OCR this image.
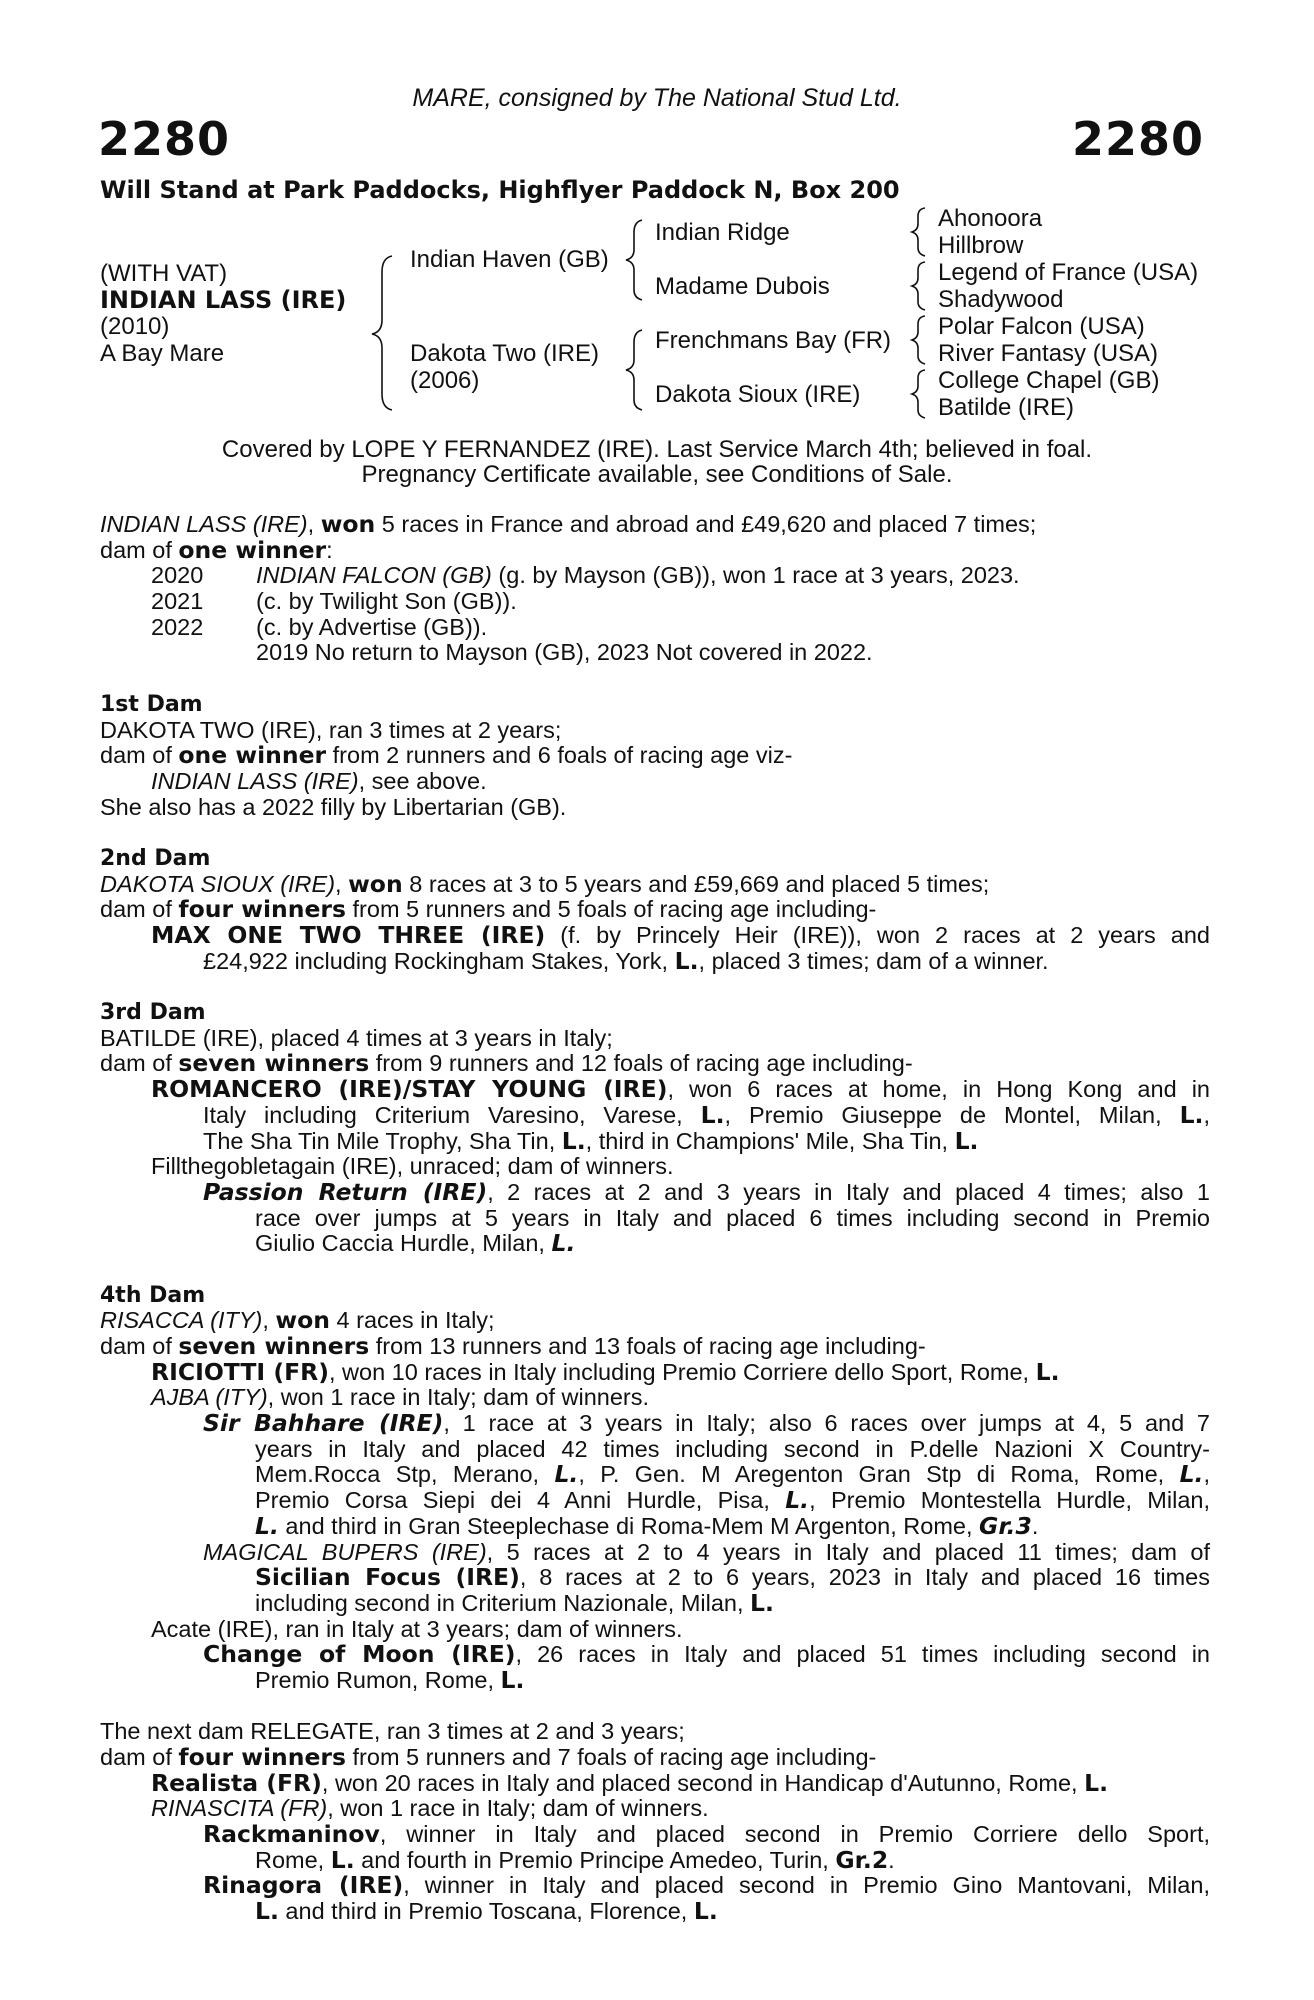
MARE, consigned by The National Stud Ltd.
2280	2280
Will Stand at Park Paddocks, Highflyer Paddock N, Box 200
(WITH VAT)
INDIAN LASS (IRE)
(2010)
A Bay Mare
Indian Haven (GB)
Dakota Two (IRE)
(2006)
Indian Ridge
Madame Dubois
Frenchmans Bay (FR)
Dakota Sioux (IRE)
Ahonoora
Hillbrow
Legend of France (USA)
Shadywood
Polar Falcon (USA)
River Fantasy (USA)
College Chapel (GB)
Batilde (IRE)
Covered by LOPE Y FERNANDEZ (IRE). Last Service March 4th; believed in foal.
Pregnancy Certificate available, see Conditions of Sale.
INDIAN LASS (IRE), won 5 races in France and abroad and £49,620 and placed 7 times;
dam of one winner:
2020 INDIAN FALCON (GB) (g. by Mayson (GB)), won 1 race at 3 years, 2023.
2021 (c. by Twilight Son (GB)).
2022 (c. by Advertise (GB)).
2019 No return to Mayson (GB), 2023 Not covered in 2022.
1st Dam
DAKOTA TWO (IRE), ran 3 times at 2 years;
dam of one winner from 2 runners and 6 foals of racing age viz-
INDIAN LASS (IRE), see above.
She also has a 2022 filly by Libertarian (GB).
2nd Dam
DAKOTA SIOUX (IRE), won 8 races at 3 to 5 years and £59,669 and placed 5 times;
dam of four winners from 5 runners and 5 foals of racing age including-
MAX ONE TWO THREE (IRE) (f. by Princely Heir (IRE)), won 2 races at 2 years and
£24,922 including Rockingham Stakes, York, L., placed 3 times; dam of a winner.
3rd Dam
BATILDE (IRE), placed 4 times at 3 years in Italy;
dam of seven winners from 9 runners and 12 foals of racing age including-
ROMANCERO (IRE)/STAY YOUNG (IRE), won 6 races at home, in Hong Kong and in
Italy including Criterium Varesino, Varese, L., Premio Giuseppe de Montel, Milan, L.,
The Sha Tin Mile Trophy, Sha Tin, L., third in Champions' Mile, Sha Tin, L.
Fillthegobletagain (IRE), unraced; dam of winners.
Passion Return (IRE), 2 races at 2 and 3 years in Italy and placed 4 times; also 1
race over jumps at 5 years in Italy and placed 6 times including second in Premio
Giulio Caccia Hurdle, Milan, L.
4th Dam
RISACCA (ITY), won 4 races in Italy;
dam of seven winners from 13 runners and 13 foals of racing age including-
RICIOTTI (FR), won 10 races in Italy including Premio Corriere dello Sport, Rome, L.
AJBA (ITY), won 1 race in Italy; dam of winners.
Sir Bahhare (IRE), 1 race at 3 years in Italy; also 6 races over jumps at 4, 5 and 7
years in Italy and placed 42 times including second in P.delle Nazioni X Country-
Mem.Rocca Stp, Merano, L., P. Gen. M Aregenton Gran Stp di Roma, Rome, L.,
Premio Corsa Siepi dei 4 Anni Hurdle, Pisa, L., Premio Montestella Hurdle, Milan,
L. and third in Gran Steeplechase di Roma-Mem M Argenton, Rome, Gr.3.
MAGICAL BUPERS (IRE), 5 races at 2 to 4 years in Italy and placed 11 times; dam of
Sicilian Focus (IRE), 8 races at 2 to 6 years, 2023 in Italy and placed 16 times
including second in Criterium Nazionale, Milan, L.
Acate (IRE), ran in Italy at 3 years; dam of winners.
Change of Moon (IRE), 26 races in Italy and placed 51 times including second in
Premio Rumon, Rome, L.
The next dam RELEGATE, ran 3 times at 2 and 3 years;
dam of four winners from 5 runners and 7 foals of racing age including-
Realista (FR), won 20 races in Italy and placed second in Handicap d'Autunno, Rome, L.
RINASCITA (FR), won 1 race in Italy; dam of winners.
Rackmaninov, winner in Italy and placed second in Premio Corriere dello Sport,
Rome, L. and fourth in Premio Principe Amedeo, Turin, Gr.2.
Rinagora (IRE), winner in Italy and placed second in Premio Gino Mantovani, Milan,
L. and third in Premio Toscana, Florence, L.
